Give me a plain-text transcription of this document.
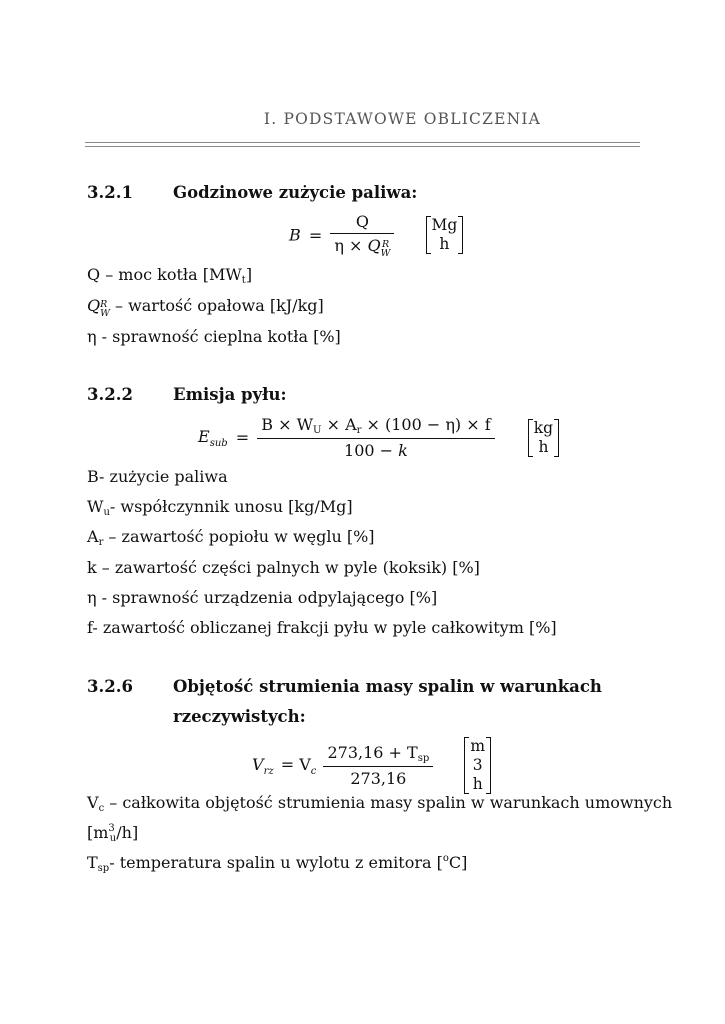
I. PODSTAWOWE OBLICZENIA
3.2.1 Godzinowe zużycie paliwa:
B = Q
η × Q R
W
Mg
h
Q – moc kotła $[MW_t]$
Q R
W – wartość opałowa [kJ/kg]
η - sprawność cieplna kotła [%]
3.2.2 Emisja pyłu:
$E_{sub} = \frac{B \times W_U \times A_r \times (100 - \eta) \times f}{100 - k}$
	kg
h
B- zużycie paliwa
$W_u-$ współczynnik unosu [kg/Mg]
$A_r$ – zawartość popiołu w węglu [%]
k – zawartość części palnych w pyle (koksik) [%]
η - sprawność urządzenia odpylającego [%]
f- zawartość obliczanej frakcji pyłu w pyle całkowitym [%]
3.2.6 Objętość strumienia masy spalin w warunkach
rzeczywistych:
$V_{rz} = V_c \frac{273,16 + T_{sp}}{273,16}$
m
3
h
$V_c$ – całkowita objętość strumienia masy spalin w warunkach umownych
$[m^3_u/h]$
$T_{sp}-$ temperatura spalin u wylotu z emitora [$^o$C]
